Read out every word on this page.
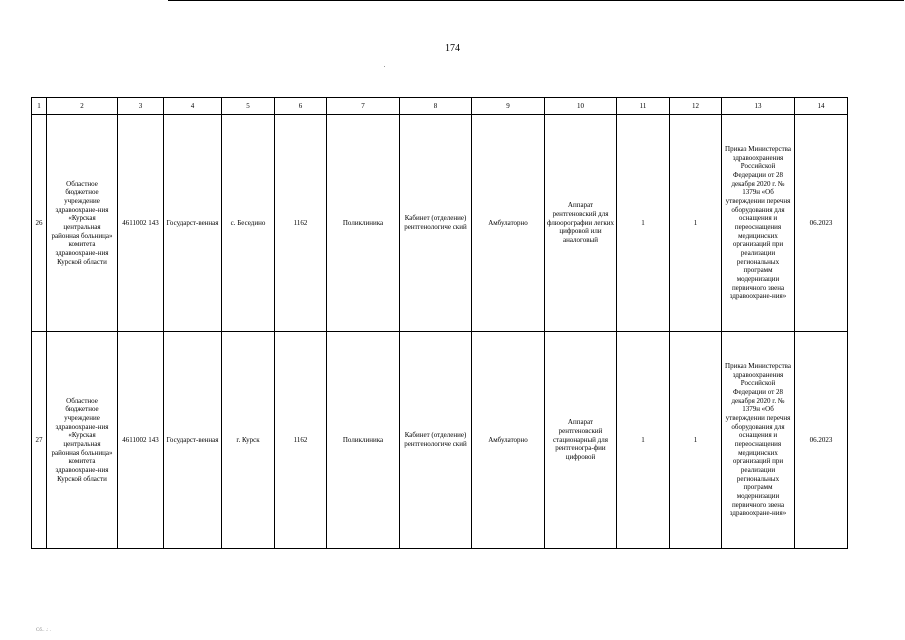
174
1	2	3	4	5	6	7	8	9	10	11	12	13	14
26	Областное бюджетное учреждение здравоохране-ния «Курская центральная районная больница» комитета здравоохране-ния Курской области	4611002 143	Государст-венная	с. Беседино	1162	Поликлиника	Кабинет (отделение) рентгенологиче ский	Амбулаторно	Аппарат рентгеновский для флюорографии легких цифровой или аналоговый	1	1	Приказ Министерства здравоохранения Российской Федерации от 28 декабря 2020 г. № 1379н «Об утверждении перечня оборудования для оснащения и переоснащения медицинских организаций при реализации региональных программ модернизации первичного звена здравоохране-ния»	06.2023
27	Областное бюджетное учреждение здравоохране-ния «Курская центральная районная больница» комитета здравоохране-ния Курской области	4611002 143	Государст-венная	г. Курск	1162	Поликлиника	Кабинет (отделение) рентгенологиче ский	Амбулаторно	Аппарат рентгеновский стационарный для рентгеногра-фии цифровой	1	1	Приказ Министерства здравоохранения Российской Федерации от 28 декабря 2020 г. № 1379н «Об утверждении перечня оборудования для оснащения и переоснащения медицинских организаций при реализации региональных программ модернизации первичного звена здравоохране-ния»	06.2023
Сб.. .: .
